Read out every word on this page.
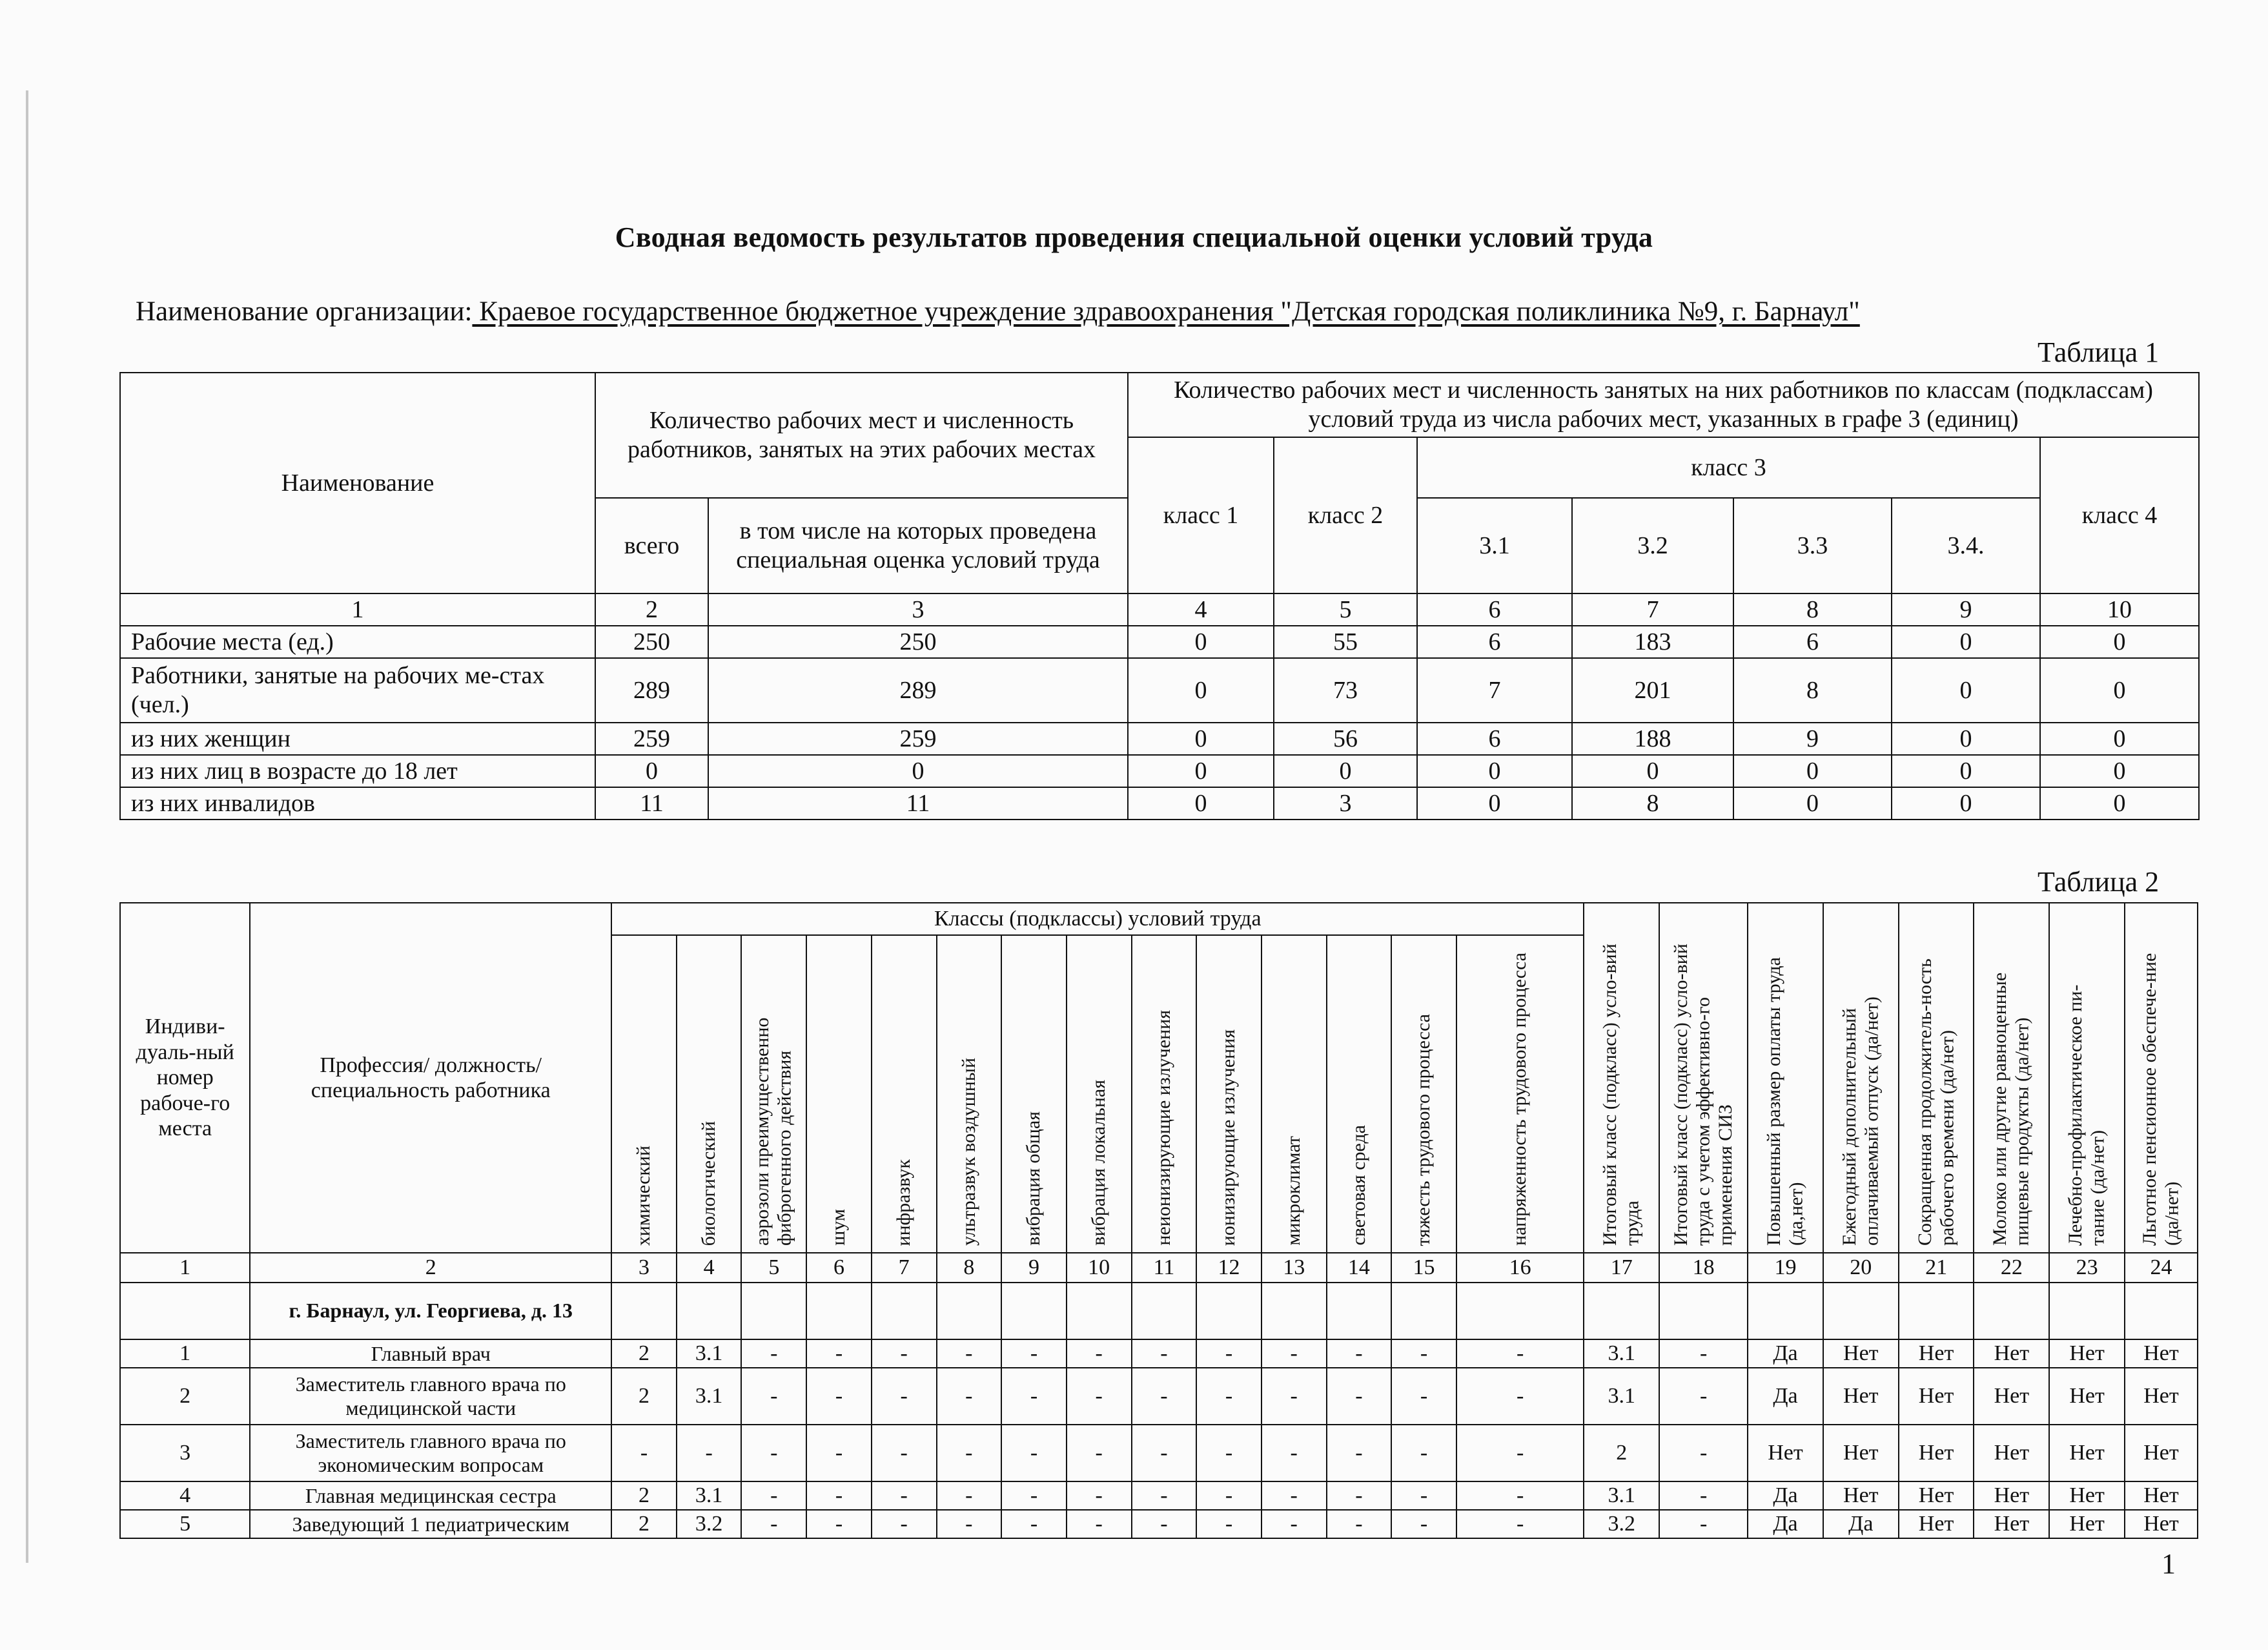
Сводная ведомость результатов проведения специальной оценки условий труда
Наименование организации: Краевое государственное бюджетное учреждение здравоохранения "Детская городская поликлиника №9, г. Барнаул"
Таблица 1
Наименование	Количество рабочих мест и численность работников, занятых на этих рабочих местах		Количество рабочих мест и численность занятых на них работников по классам (подклассам) условий труда из числа рабочих мест, указанных в графе 3 (единиц)						
			класс 1	класс 2	класс 3				класс 4
	всего	в том числе на которых проведена специальная оценка условий труда			3.1	3.2	3.3	3.4.	
1	2	3	4	5	6	7	8	9	10
Рабочие места (ед.)	250	250	0	55	6	183	6	0	0
Работники, занятые на рабочих ме-стах (чел.)	289	289	0	73	7	201	8	0	0
из них женщин	259	259	0	56	6	188	9	0	0
из них лиц в возрасте до 18 лет	0	0	0	0	0	0	0	0	0
из них инвалидов	11	11	0	3	0	8	0	0	0
Таблица 2
Индиви-дуаль-ный номер рабоче-го места	Профессия/ должность/ специальность работника	Классы (подклассы) условий труда														Итоговый класс (подкласс) усло-вий труда	Итоговый класс (подкласс) усло-вий труда с учетом эффективно-го применения СИЗ	Повышенный размер оплаты труда (да,нет)	Ежегодный дополнительный оплачиваемый отпуск (да/нет)	Сокращенная продолжитель-ность рабочего времени (да/нет)	Молоко или другие равноценные пищевые продукты (да/нет)	Лечебно-профилактическое пи-тание (да/нет)	Льготное пенсионное обеспече-ние (да/нет)

		химический	биологический	аэрозоли преимущественно фиброгенного действия	шум	инфразвук	ультразвук воздушный	вибрация общая	вибрация локальная	неионизирующие излучения	ионизирующие излучения	микроклимат	световая среда	тяжесть трудового процесса	напряженность трудового процесса								

1	2	3	4	5	6	7	8	9	10	11	12	13	14	15	16	17	18	19	20	21	22	23	24
	г. Барнаул, ул. Георгиева, д. 13																						
1	Главный врач	2	3.1	-	-	-	-	-	-	-	-	-	-	-	-	3.1	-	Да	Нет	Нет	Нет	Нет	Нет
2	Заместитель главного врача по медицинской части	2	3.1	-	-	-	-	-	-	-	-	-	-	-	-	3.1	-	Да	Нет	Нет	Нет	Нет	Нет
3	Заместитель главного врача по экономическим вопросам	-	-	-	-	-	-	-	-	-	-	-	-	-	-	2	-	Нет	Нет	Нет	Нет	Нет	Нет
4	Главная медицинская сестра	2	3.1	-	-	-	-	-	-	-	-	-	-	-	-	3.1	-	Да	Нет	Нет	Нет	Нет	Нет
5	Заведующий 1 педиатрическим	2	3.2	-	-	-	-	-	-	-	-	-	-	-	-	3.2	-	Да	Да	Нет	Нет	Нет	Нет
1
